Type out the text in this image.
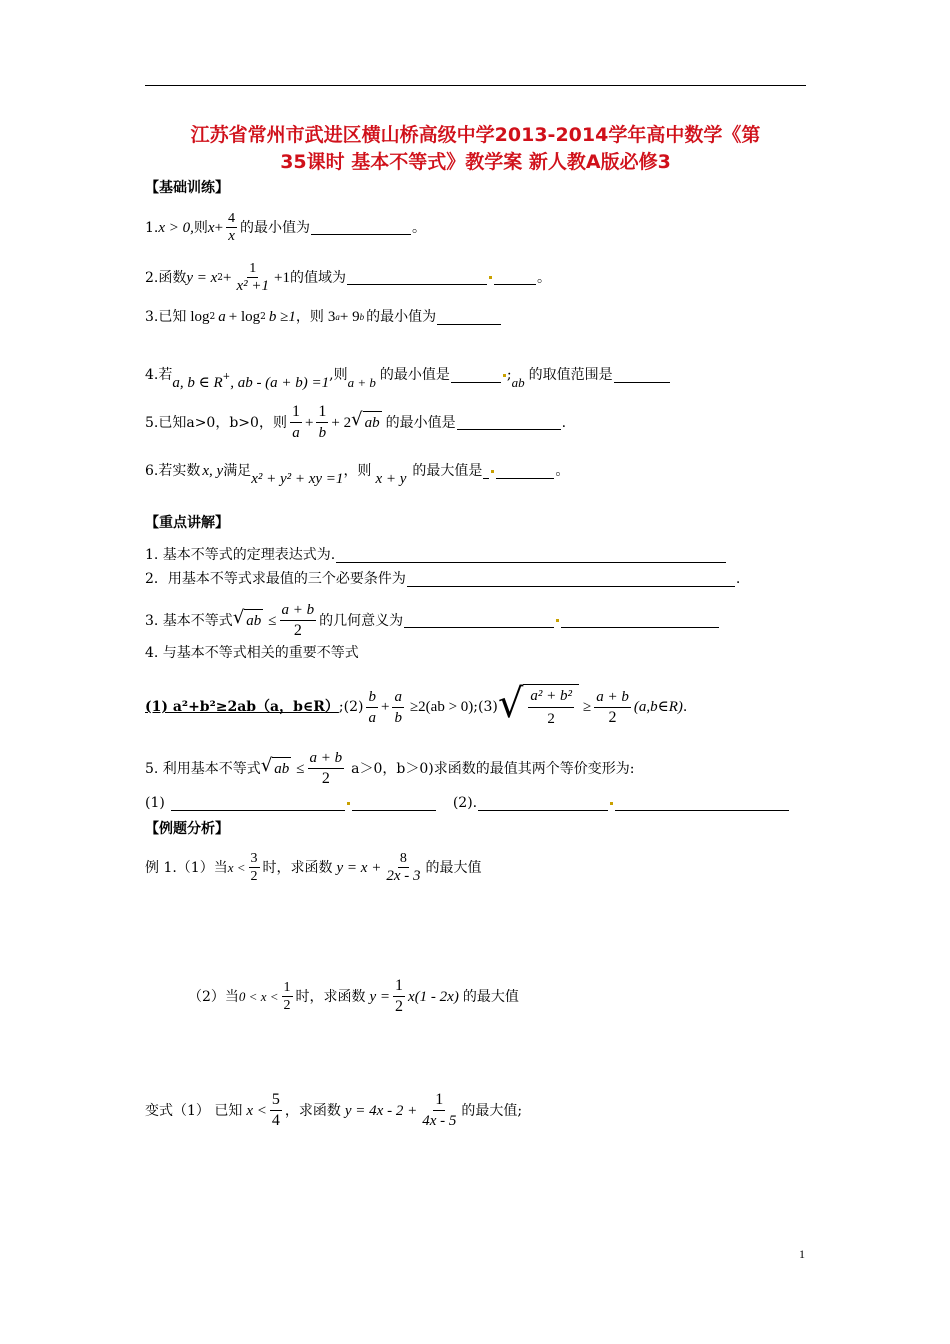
江苏省常州市武进区横山桥高级中学2013-2014学年高中数学《第
35课时 基本不等式》教学案 新人教A版必修3
【基础训练】
1. x > 0, 则 $x + \frac{4}{x}$ 的最小值为	。
2.函数 y = x $2 + \frac{1}{\text{x² +1}} +1$ 的值域为	。
3.已知 log 2 a + log 2 b ≥1 ，则 3 a + 9 b 的最小值为
4.若 a, b ∈ R+ , ab - (a + b) =1 ,则 a + b 的最小值是	; ab 的取值范围是
5.已知 a>0，b>0，则 $\frac{1}{a} + \frac{1}{b} + 2$ √ ab 的最小值是	.
6.若实数 x, y 满足 x² + y² + xy =1 ，则 x + y 的最大值是	。
【重点讲解】
1. 基本不等式的定理表达式为.
2．用基本不等式求最值的三个必要条件为	.
3. 基本不等式 √ ab ≤ $\frac{a + b}{2}$ 的几何意义为
4. 与基本不等式相关的重要不等式
(1) a²+b²≥2ab（a，b∈R） ;(2) $\frac{b}{a} + \frac{a}{b} \ge 2(ab > 0)$ ;(3) √ $\frac{\text{a² + b²}}{2} \ge \frac{a + b}{2}$ (a,b∈R) .
5. 利用基本不等式 √ ab ≤ $\frac{a + b}{2} a>0$，b＞0)求函数的最值其两个等价变形为:
(1)	(2).
【例题分析】
例 1.（1）当 $x < \frac{3}{2}$ 时，求函数 $y = x + \frac{8}{2x - 3}$ 的最大值
（2）当 $0 < x < \frac{1}{2}$ 时，求函数 $y = \frac{1}{2} x(1 - 2x)$ 的最大值
变式（1） 已知 $x < \frac{5}{4}$ ，求函数 $y = 4x - 2 + \frac{1}{4x - 5}$ 的最大值;
1
